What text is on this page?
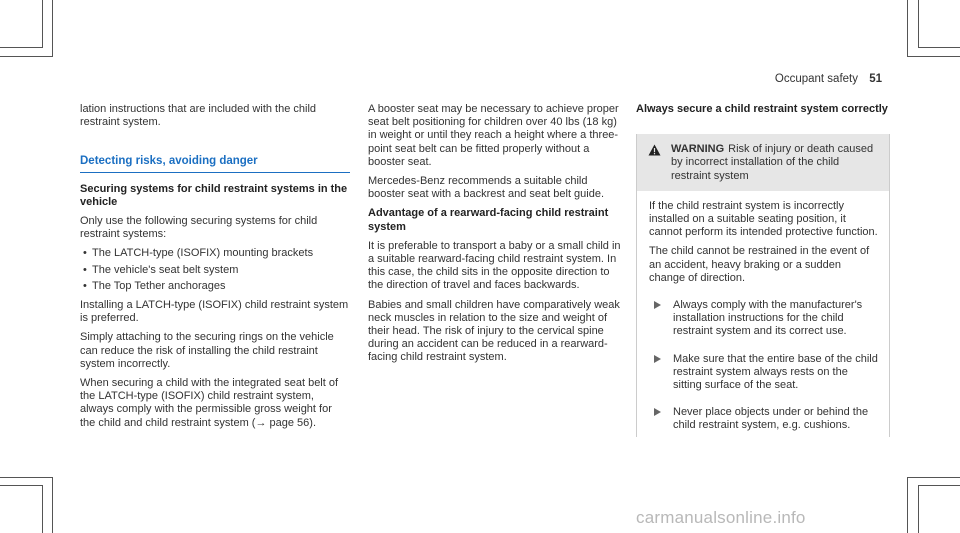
Occupant safety 51

lation instructions that are included with the child restraint system.

Detecting risks, avoiding danger

Securing systems for child restraint systems in the vehicle

Only use the following securing systems for child restraint systems:

• The LATCH-type (ISOFIX) mounting brackets
• The vehicle's seat belt system
• The Top Tether anchorages

Installing a LATCH-type (ISOFIX) child restraint system is preferred.

Simply attaching to the securing rings on the vehicle can reduce the risk of installing the child restraint system incorrectly.

When securing a child with the integrated seat belt of the LATCH-type (ISOFIX) child restraint system, always comply with the permissible gross weight for the child and child restraint system (→ page 56).

A booster seat may be necessary to achieve proper seat belt positioning for children over 40 lbs (18 kg) in weight or until they reach a height where a three-point seat belt can be fitted properly without a booster seat.

Mercedes-Benz recommends a suitable child booster seat with a backrest and seat belt guide.

Advantage of a rearward-facing child restraint system

It is preferable to transport a baby or a small child in a suitable rearward-facing child restraint system. In this case, the child sits in the opposite direction to the direction of travel and faces backwards.

Babies and small children have comparatively weak neck muscles in relation to the size and weight of their head. The risk of injury to the cervical spine during an accident can be reduced in a rearward-facing child restraint system.

Always secure a child restraint system correctly

WARNING Risk of injury or death caused by incorrect installation of the child restraint system

If the child restraint system is incorrectly installed on a suitable seating position, it cannot perform its intended protective function.

The child cannot be restrained in the event of an accident, heavy braking or a sudden change of direction.

Always comply with the manufacturer's installation instructions for the child restraint system and its correct use.
Make sure that the entire base of the child restraint system always rests on the sitting surface of the seat.
Never place objects under or behind the child restraint system, e.g. cushions.
carmanualsonline.info
